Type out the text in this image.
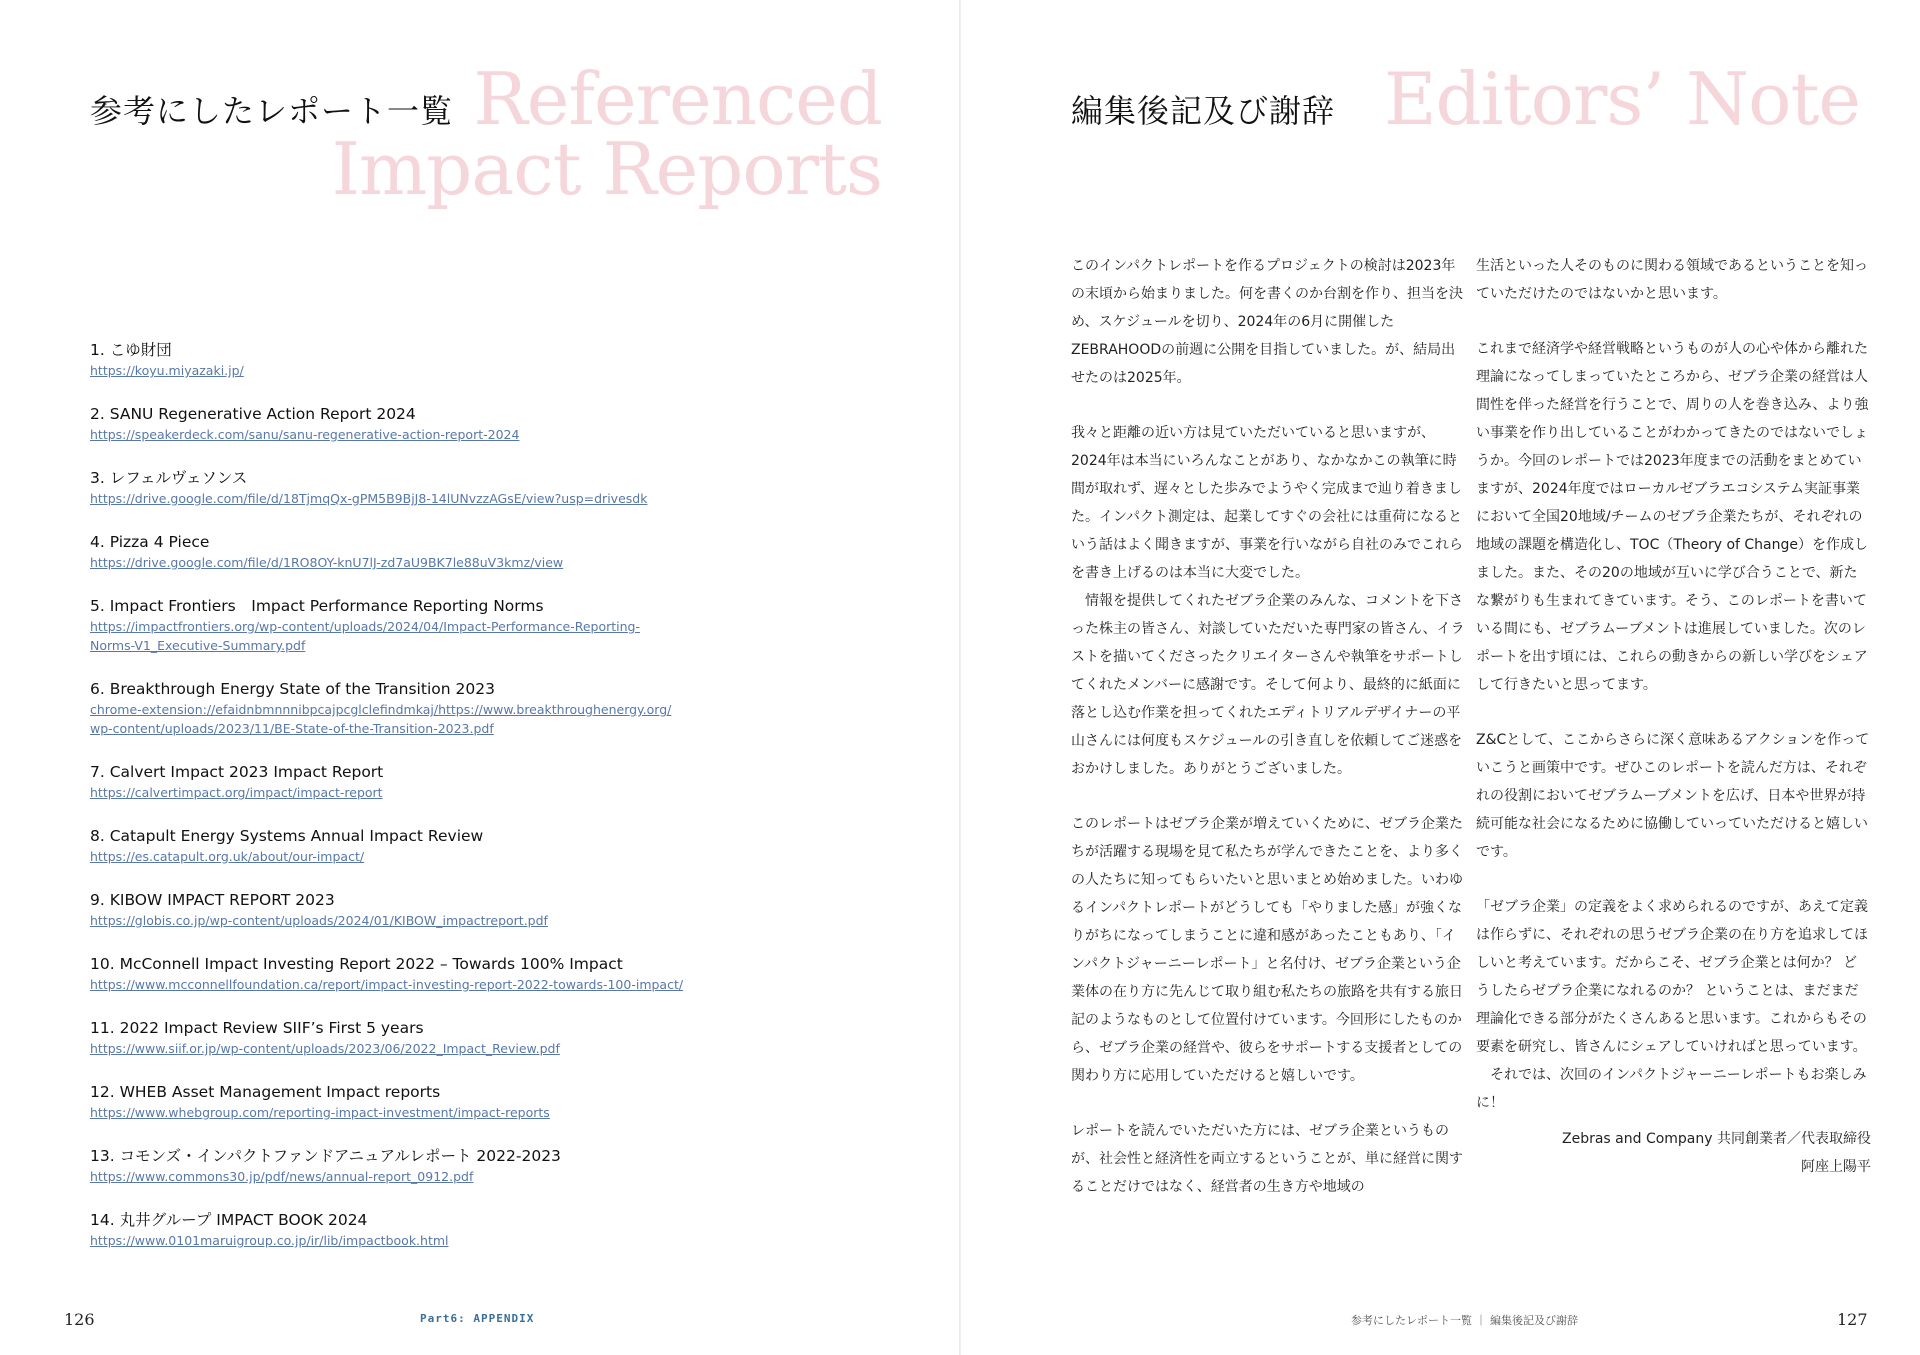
参考にしたレポート一覧 Referenced
Impact Reports
1. こゆ財団
https://koyu.miyazaki.jp/
2. SANU Regenerative Action Report 2024
https://speakerdeck.com/sanu/sanu-regenerative-action-report-2024
3. レフェルヴェソンス
https://drive.google.com/file/d/18TjmqQx-gPM5B9BjJ8-14lUNvzzAGsE/view?usp=drivesdk
4. Pizza 4 Piece
https://drive.google.com/file/d/1RO8OY-knU7lJ-zd7aU9BK7le88uV3kmz/view
5. Impact Frontiers　Impact Performance Reporting Norms
https://impactfrontiers.org/wp-content/uploads/2024/04/Impact-Performance-Reporting-
Norms-V1_Executive-Summary.pdf
6. Breakthrough Energy State of the Transition 2023
chrome-extension://efaidnbmnnnibpcajpcglclefindmkaj/https://www.breakthroughenergy.org/
wp-content/uploads/2023/11/BE-State-of-the-Transition-2023.pdf
7. Calvert Impact 2023 Impact Report
https://calvertimpact.org/impact/impact-report
8. Catapult Energy Systems Annual Impact Review
https://es.catapult.org.uk/about/our-impact/
9. KIBOW IMPACT REPORT 2023
https://globis.co.jp/wp-content/uploads/2024/01/KIBOW_impactreport.pdf
10. McConnell Impact Investing Report 2022 – Towards 100% Impact
https://www.mcconnellfoundation.ca/report/impact-investing-report-2022-towards-100-impact/
11. 2022 Impact Review SIIF’s First 5 years
https://www.siif.or.jp/wp-content/uploads/2023/06/2022_Impact_Review.pdf
12. WHEB Asset Management Impact reports
https://www.whebgroup.com/reporting-impact-investment/impact-reports
13. コモンズ・インパクトファンドアニュアルレポート 2022-2023
https://www.commons30.jp/pdf/news/annual-report_0912.pdf
14. 丸井グループ IMPACT BOOK 2024
https://www.0101maruigroup.co.jp/ir/lib/impactbook.html
126	Part6: APPENDIX
編集後記及び謝辞 Editors’ Note

このインパクトレポートを作るプロジェクトの検討は2023年の末頃から始まりました。何を書くのか台割を作り、担当を決め、スケジュールを切り、2024年の6月に開催したZEBRAHOODの前週に公開を目指していました。が、結局出せたのは2025年。

我々と距離の近い方は見ていただいていると思いますが、2024年は本当にいろんなことがあり、なかなかこの執筆に時間が取れず、遅々とした歩みでようやく完成まで辿り着きました。インパクト測定は、起業してすぐの会社には重荷になるという話はよく聞きますが、事業を行いながら自社のみでこれらを書き上げるのは本当に大変でした。

情報を提供してくれたゼブラ企業のみんな、コメントを下さった株主の皆さん、対談していただいた専門家の皆さん、イラストを描いてくださったクリエイターさんや執筆をサポートしてくれたメンバーに感謝です。そして何より、最終的に紙面に落とし込む作業を担ってくれたエディトリアルデザイナーの平山さんには何度もスケジュールの引き直しを依頼してご迷惑をおかけしました。ありがとうございました。

このレポートはゼブラ企業が増えていくために、ゼブラ企業たちが活躍する現場を見て私たちが学んできたことを、より多くの人たちに知ってもらいたいと思いまとめ始めました。いわゆるインパクトレポートがどうしても「やりました感」が強くなりがちになってしまうことに違和感があったこともあり、「インパクトジャーニーレポート」と名付け、ゼブラ企業という企業体の在り方に先んじて取り組む私たちの旅路を共有する旅日記のようなものとして位置付けています。今回形にしたものから、ゼブラ企業の経営や、彼らをサポートする支援者としての関わり方に応用していただけると嬉しいです。

レポートを読んでいただいた方には、ゼブラ企業というものが、社会性と経済性を両立するということが、単に経営に関することだけではなく、経営者の生き方や地域の

生活といった人そのものに関わる領域であるということを知っていただけたのではないかと思います。

これまで経済学や経営戦略というものが人の心や体から離れた理論になってしまっていたところから、ゼブラ企業の経営は人間性を伴った経営を行うことで、周りの人を巻き込み、より強い事業を作り出していることがわかってきたのではないでしょうか。今回のレポートでは2023年度までの活動をまとめていますが、2024年度ではローカルゼブラエコシステム実証事業において全国20地域/チームのゼブラ企業たちが、それぞれの地域の課題を構造化し、TOC（Theory of Change）を作成しました。また、その20の地域が互いに学び合うことで、新たな繋がりも生まれてきています。そう、このレポートを書いている間にも、ゼブラムーブメントは進展していました。次のレポートを出す頃には、これらの動きからの新しい学びをシェアして行きたいと思ってます。

Z&Cとして、ここからさらに深く意味あるアクションを作っていこうと画策中です。ぜひこのレポートを読んだ方は、それぞれの役割においてゼブラムーブメントを広げ、日本や世界が持続可能な社会になるために協働していっていただけると嬉しいです。

「ゼブラ企業」の定義をよく求められるのですが、あえて定義は作らずに、それぞれの思うゼブラ企業の在り方を追求してほしいと考えています。だからこそ、ゼブラ企業とは何か？ どうしたらゼブラ企業になれるのか？ ということは、まだまだ理論化できる部分がたくさんあると思います。これからもその要素を研究し、皆さんにシェアしていければと思っています。

それでは、次回のインパクトジャーニーレポートもお楽しみに！

Zebras and Company 共同創業者／代表取締役
阿座上陽平
参考にしたレポート一覧 ｜ 編集後記及び謝辞	127
